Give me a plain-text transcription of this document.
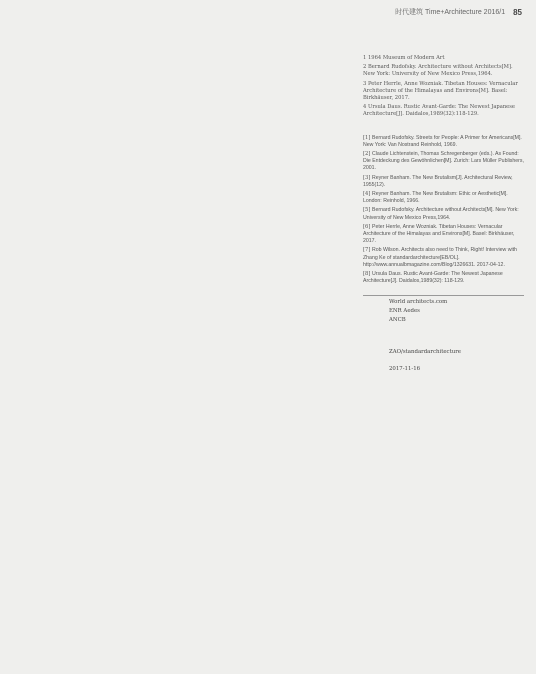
时代建筑 Time+Architecture 2016/1 85

1 1964 Museum of Modern Art

2 Bernard Rudofsky. Architecture without Architects[M]. New York: University of New Mexico Press,1964.

3 Peter Herrle, Anne Wozniak. Tibetan Houses: Vernacular Architecture of the Himalayas and Environs[M]. Basel: Birkhäuser, 2017.

4 Ursula Daus. Rustic Avant-Garde: The Newest Japanese Architecture[J]. Daidalos,1989(32):118-129.

[1] Bernard Rudofsky. Streets for People: A Primer for Americans[M]. New York: Van Nostrand Reinhold, 1969.

[2] Claude Lichtenstein, Thomas Schregenberger (eds.). As Found: Die Entdeckung des Gewöhnlichen[M]. Zurich: Lars Müller Publishers, 2001.

[3] Reyner Banham. The New Brutalism[J]. Architectural Review, 1955(12).

[4] Reyner Banham. The New Brutalism: Ethic or Aesthetic[M]. London: Reinhold, 1966.

[5] Bernard Rudofsky. Architecture without Architects[M]. New York: University of New Mexico Press,1964.

[6] Peter Herrle, Anne Wozniak. Tibetan Houses: Vernacular Architecture of the Himalayas and Environs[M]. Basel: Birkhäuser, 2017.

[7] Rob Wilson. Architects also need to Think, Right! Interview with Zhang Ke of standardarchitecture[EB/OL]. http://www.annualbmagazine.com/Blog/1326631. 2017-04-12.

[8] Ursula Daus. Rustic Avant-Garde: The Newest Japanese Architecture[J]. Daidalos,1989(32): 118-129.

World architects.com
ENR Aedes
ANCB
ZAO/standardarchitecture
2017-11-16
